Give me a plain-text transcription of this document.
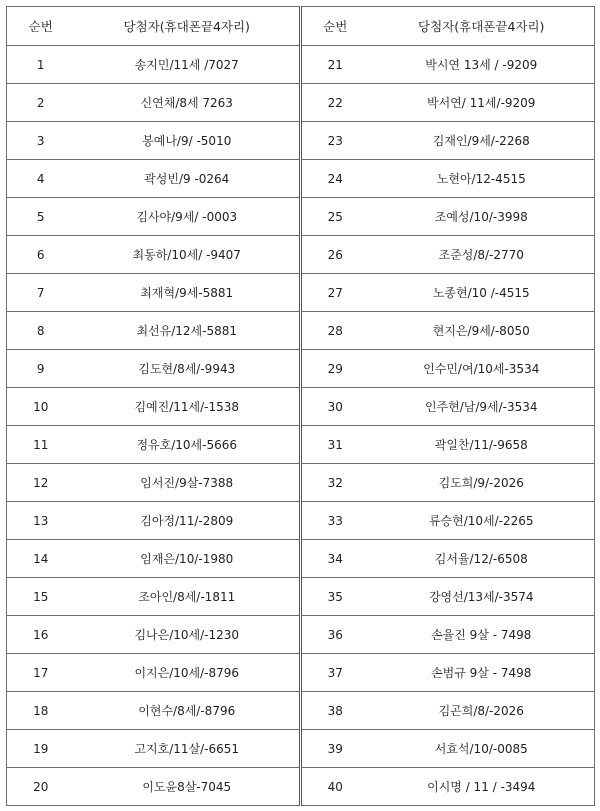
순번	당첨자(휴대폰끝4자리)	순번	당첨자(휴대폰끝4자리)
1	송지민/11세 /7027	21	박시연 13세 / -9209
2	신연채/8세 7263	22	박서연/ 11세/-9209
3	봉예나/9/ -5010	23	김재인/9세/-2268
4	곽성빈/9 -0264	24	노현아/12-4515
5	김사야/9세/ -0003	25	조예성/10/-3998
6	최동하/10세/ -9407	26	조준성/8/-2770
7	최재혁/9세-5881	27	노종현/10 /-4515
8	최선유/12세-5881	28	현지은/9세/-8050
9	김도현/8세/-9943	29	인수민/여/10세-3534
10	김예진/11세/-1538	30	인주현/남/9세/-3534
11	정유호/10세-5666	31	곽일찬/11/-9658
12	임서진/9살-7388	32	김도희/9/-2026
13	김아정/11/-2809	33	류승현/10세/-2265
14	임재은/10/-1980	34	김서율/12/-6508
15	조아인/8세/-1811	35	강영선/13세/-3574
16	김나은/10세/-1230	36	손율진 9살 - 7498
17	이지은/10세/-8796	37	손범규 9살 - 7498
18	이현수/8세/-8796	38	김곤희/8/-2026
19	고지호/11살/-6651	39	서효석/10/-0085
20	이도윤8살-7045	40	이시명 / 11 / -3494
